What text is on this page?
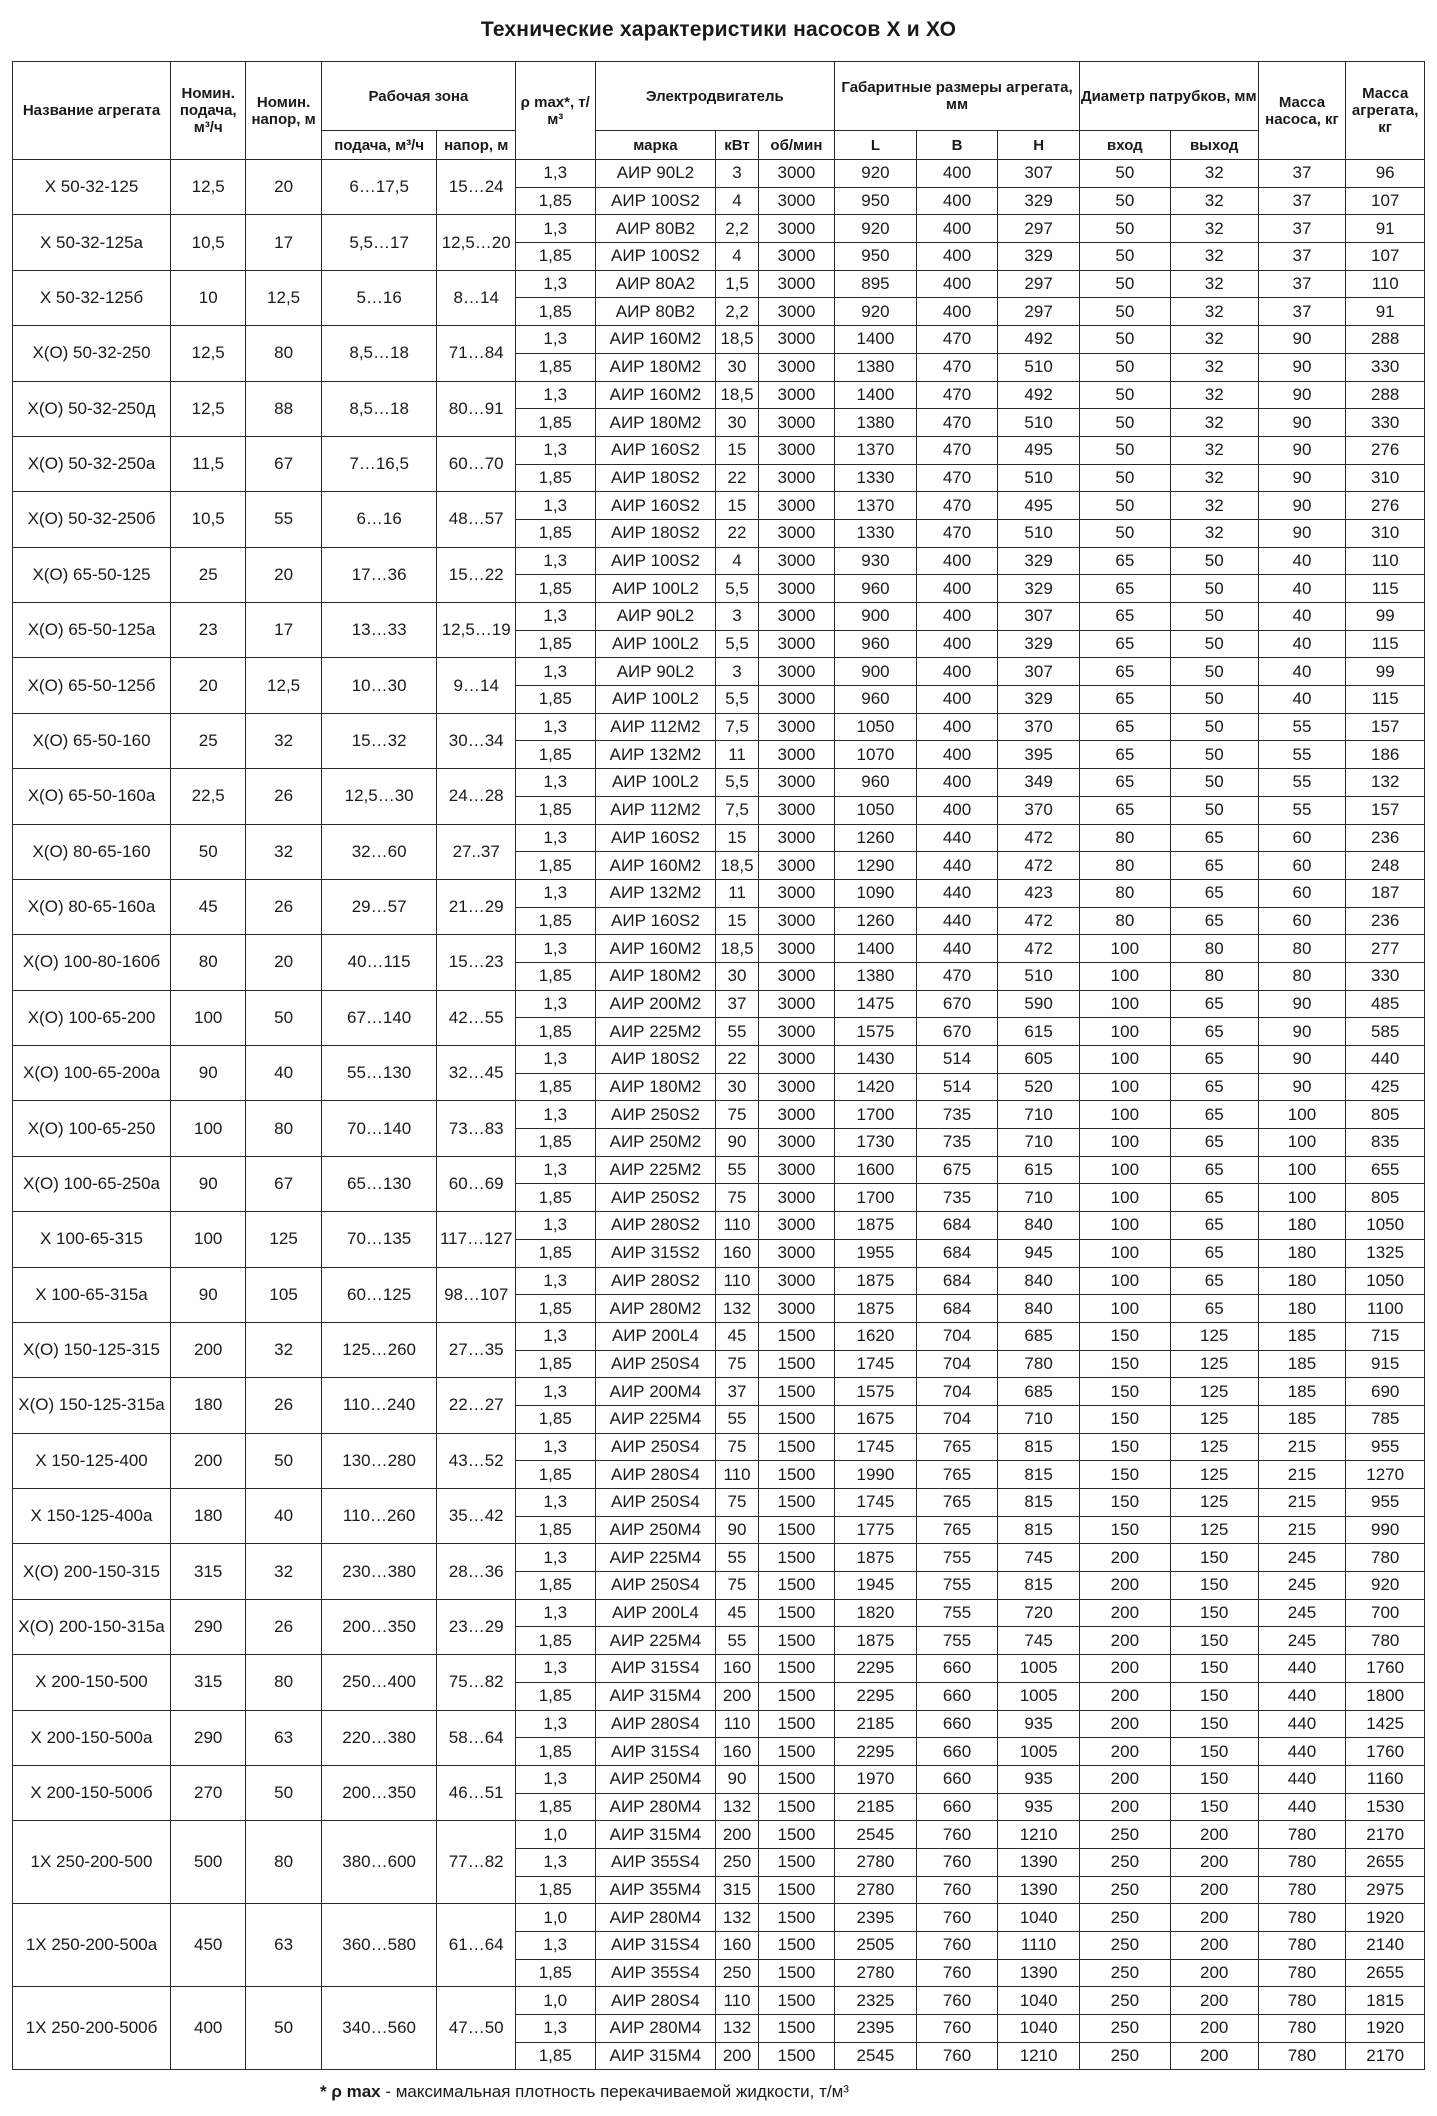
Технические характеристики насосов Х и ХО
Название агрегата	Номин. подача, м³/ч	Номин. напор, м	Рабочая зона		ρ max*, т/м³	Электродвигатель			Габаритные размеры агрегата, мм			Диаметр патрубков, мм		Масса насоса, кг	Масса агрегата, кг
			подача, м³/ч	напор, м		марка	кВт	об/мин	L	B	H	вход	выход		
Х 50-32-125	12,5	20	6…17,5	15…24	1,3	АИР 90L2	3	3000	920	400	307	50	32	37	96
					1,85	АИР 100S2	4	3000	950	400	329	50	32	37	107
Х 50-32-125а	10,5	17	5,5…17	12,5…20	1,3	АИР 80В2	2,2	3000	920	400	297	50	32	37	91
					1,85	АИР 100S2	4	3000	950	400	329	50	32	37	107
Х 50-32-125б	10	12,5	5…16	8…14	1,3	АИР 80А2	1,5	3000	895	400	297	50	32	37	110
					1,85	АИР 80В2	2,2	3000	920	400	297	50	32	37	91
Х(О) 50-32-250	12,5	80	8,5…18	71…84	1,3	АИР 160М2	18,5	3000	1400	470	492	50	32	90	288
					1,85	АИР 180М2	30	3000	1380	470	510	50	32	90	330
Х(О) 50-32-250д	12,5	88	8,5…18	80…91	1,3	АИР 160М2	18,5	3000	1400	470	492	50	32	90	288
					1,85	АИР 180М2	30	3000	1380	470	510	50	32	90	330
Х(О) 50-32-250а	11,5	67	7…16,5	60…70	1,3	АИР 160S2	15	3000	1370	470	495	50	32	90	276
					1,85	АИР 180S2	22	3000	1330	470	510	50	32	90	310
Х(О) 50-32-250б	10,5	55	6…16	48…57	1,3	АИР 160S2	15	3000	1370	470	495	50	32	90	276
					1,85	АИР 180S2	22	3000	1330	470	510	50	32	90	310
Х(О) 65-50-125	25	20	17…36	15…22	1,3	АИР 100S2	4	3000	930	400	329	65	50	40	110
					1,85	АИР 100L2	5,5	3000	960	400	329	65	50	40	115
Х(О) 65-50-125а	23	17	13…33	12,5…19	1,3	АИР 90L2	3	3000	900	400	307	65	50	40	99
					1,85	АИР 100L2	5,5	3000	960	400	329	65	50	40	115
Х(О) 65-50-125б	20	12,5	10…30	9…14	1,3	АИР 90L2	3	3000	900	400	307	65	50	40	99
					1,85	АИР 100L2	5,5	3000	960	400	329	65	50	40	115
Х(О) 65-50-160	25	32	15…32	30…34	1,3	АИР 112М2	7,5	3000	1050	400	370	65	50	55	157
					1,85	АИР 132М2	11	3000	1070	400	395	65	50	55	186
Х(О) 65-50-160а	22,5	26	12,5…30	24…28	1,3	АИР 100L2	5,5	3000	960	400	349	65	50	55	132
					1,85	АИР 112М2	7,5	3000	1050	400	370	65	50	55	157
Х(О) 80-65-160	50	32	32…60	27..37	1,3	АИР 160S2	15	3000	1260	440	472	80	65	60	236
					1,85	АИР 160М2	18,5	3000	1290	440	472	80	65	60	248
Х(О) 80-65-160а	45	26	29…57	21…29	1,3	АИР 132М2	11	3000	1090	440	423	80	65	60	187
					1,85	АИР 160S2	15	3000	1260	440	472	80	65	60	236
Х(О) 100-80-160б	80	20	40…115	15…23	1,3	АИР 160М2	18,5	3000	1400	440	472	100	80	80	277
					1,85	АИР 180М2	30	3000	1380	470	510	100	80	80	330
Х(О) 100-65-200	100	50	67…140	42…55	1,3	АИР 200М2	37	3000	1475	670	590	100	65	90	485
					1,85	АИР 225М2	55	3000	1575	670	615	100	65	90	585
Х(О) 100-65-200а	90	40	55…130	32…45	1,3	АИР 180S2	22	3000	1430	514	605	100	65	90	440
					1,85	АИР 180М2	30	3000	1420	514	520	100	65	90	425
Х(О) 100-65-250	100	80	70…140	73…83	1,3	АИР 250S2	75	3000	1700	735	710	100	65	100	805
					1,85	АИР 250М2	90	3000	1730	735	710	100	65	100	835
Х(О) 100-65-250а	90	67	65…130	60…69	1,3	АИР 225М2	55	3000	1600	675	615	100	65	100	655
					1,85	АИР 250S2	75	3000	1700	735	710	100	65	100	805
Х 100-65-315	100	125	70…135	117…127	1,3	АИР 280S2	110	3000	1875	684	840	100	65	180	1050
					1,85	АИР 315S2	160	3000	1955	684	945	100	65	180	1325
Х 100-65-315а	90	105	60…125	98…107	1,3	АИР 280S2	110	3000	1875	684	840	100	65	180	1050
					1,85	АИР 280М2	132	3000	1875	684	840	100	65	180	1100
Х(О) 150-125-315	200	32	125…260	27…35	1,3	АИР 200L4	45	1500	1620	704	685	150	125	185	715
					1,85	АИР 250S4	75	1500	1745	704	780	150	125	185	915
Х(О) 150-125-315а	180	26	110…240	22…27	1,3	АИР 200М4	37	1500	1575	704	685	150	125	185	690
					1,85	АИР 225М4	55	1500	1675	704	710	150	125	185	785
Х 150-125-400	200	50	130…280	43…52	1,3	АИР 250S4	75	1500	1745	765	815	150	125	215	955
					1,85	АИР 280S4	110	1500	1990	765	815	150	125	215	1270
Х 150-125-400а	180	40	110…260	35…42	1,3	АИР 250S4	75	1500	1745	765	815	150	125	215	955
					1,85	АИР 250М4	90	1500	1775	765	815	150	125	215	990
Х(О) 200-150-315	315	32	230…380	28…36	1,3	АИР 225М4	55	1500	1875	755	745	200	150	245	780
					1,85	АИР 250S4	75	1500	1945	755	815	200	150	245	920
Х(О) 200-150-315а	290	26	200…350	23…29	1,3	АИР 200L4	45	1500	1820	755	720	200	150	245	700
					1,85	АИР 225М4	55	1500	1875	755	745	200	150	245	780
Х 200-150-500	315	80	250…400	75…82	1,3	АИР 315S4	160	1500	2295	660	1005	200	150	440	1760
					1,85	АИР 315М4	200	1500	2295	660	1005	200	150	440	1800
Х 200-150-500а	290	63	220…380	58…64	1,3	АИР 280S4	110	1500	2185	660	935	200	150	440	1425
					1,85	АИР 315S4	160	1500	2295	660	1005	200	150	440	1760
Х 200-150-500б	270	50	200…350	46…51	1,3	АИР 250М4	90	1500	1970	660	935	200	150	440	1160
					1,85	АИР 280М4	132	1500	2185	660	935	200	150	440	1530
1Х 250-200-500	500	80	380…600	77…82	1,0	АИР 315М4	200	1500	2545	760	1210	250	200	780	2170
					1,3	АИР 355S4	250	1500	2780	760	1390	250	200	780	2655
					1,85	АИР 355М4	315	1500	2780	760	1390	250	200	780	2975
1Х 250-200-500а	450	63	360…580	61…64	1,0	АИР 280М4	132	1500	2395	760	1040	250	200	780	1920
					1,3	АИР 315S4	160	1500	2505	760	1110	250	200	780	2140
					1,85	АИР 355S4	250	1500	2780	760	1390	250	200	780	2655
1Х 250-200-500б	400	50	340…560	47…50	1,0	АИР 280S4	110	1500	2325	760	1040	250	200	780	1815
					1,3	АИР 280М4	132	1500	2395	760	1040	250	200	780	1920
					1,85	АИР 315М4	200	1500	2545	760	1210	250	200	780	2170
* ρ max - максимальная плотность перекачиваемой жидкости, т/м³
